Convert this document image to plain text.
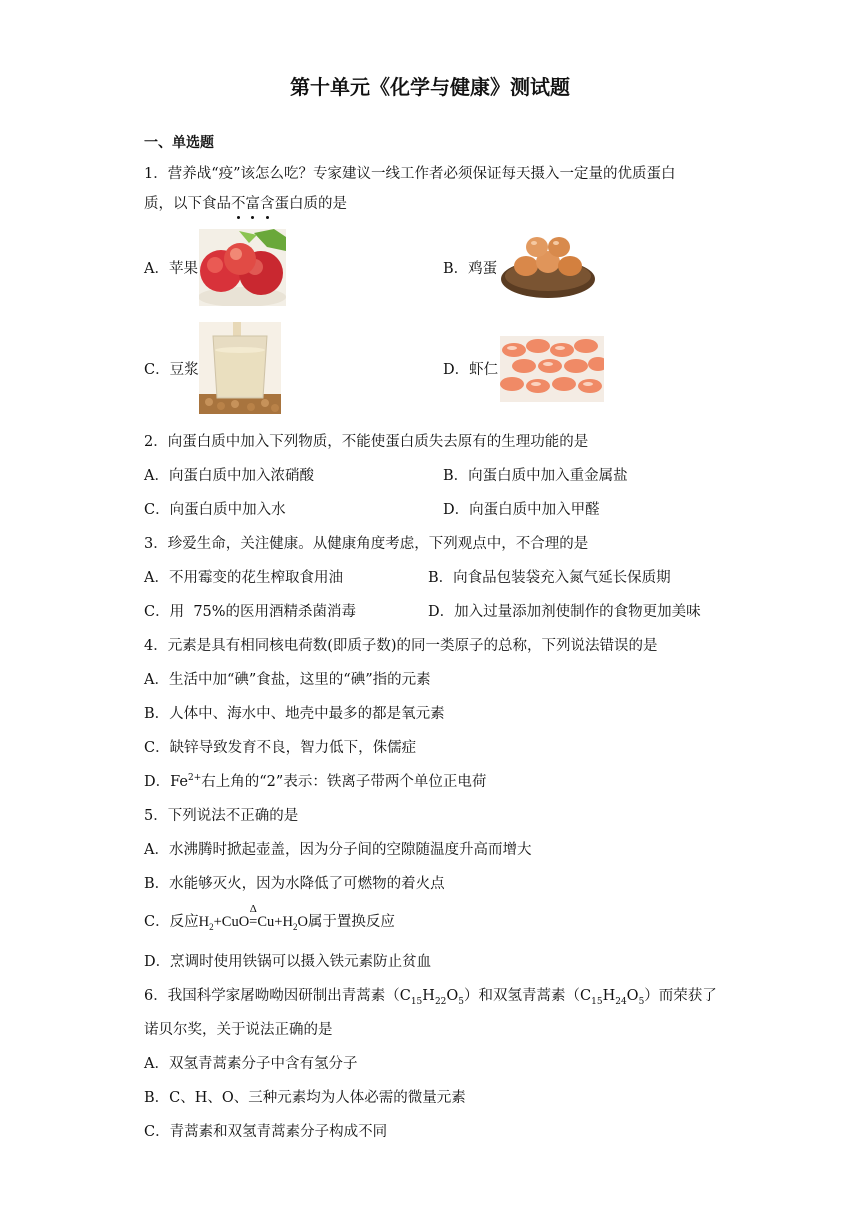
第十单元《化学与健康》测试题
一、单选题
1．营养战“疫”该怎么吃？专家建议一线工作者必须保证每天摄入一定量的优质蛋白
质，以下食品不富含蛋白质的是
A．苹果	B．鸡蛋
C．豆浆	D．虾仁
2．向蛋白质中加入下列物质，不能使蛋白质失去原有的生理功能的是
A．向蛋白质中加入浓硝酸	B．向蛋白质中加入重金属盐
C．向蛋白质中加入水	D．向蛋白质中加入甲醛
3．珍爱生命，关注健康。从健康角度考虑，下列观点中，不合理的是
A．不用霉变的花生榨取食用油	B．向食品包装袋充入氮气延长保质期
C．用  75%的医用酒精杀菌消毒	D．加入过量添加剂使制作的食物更加美味
4．元素是具有相同核电荷数(即质子数)的同一类原子的总称，下列说法错误的是
A．生活中加“碘”食盐，这里的“碘”指的元素
B．人体中、海水中、地壳中最多的都是氧元素
C．缺锌导致发育不良，智力低下，侏儒症
D．$Fe^{2+}$右上角的“2”表示：铁离子带两个单位正电荷
5．下列说法不正确的是
A．水沸腾时掀起壶盖，因为分子间的空隙随温度升高而增大
B．水能够灭火，因为水降低了可燃物的着火点
C．反应$H_2+CuO$
Δ
$=Cu+H_2O$属于置换反应
D．烹调时使用铁锅可以摄入铁元素防止贫血
6．我国科学家屠呦呦因研制出青蒿素$(C_{15}H_{22}O_5)$和双氢青蒿素$(C_{15}H_{24}O_5)$而荣获了
诺贝尔奖，关于说法正确的是
A．双氢青蒿素分子中含有氢分子
B．C、H、O、三种元素均为人体必需的微量元素
C．青蒿素和双氢青蒿素分子构成不同
